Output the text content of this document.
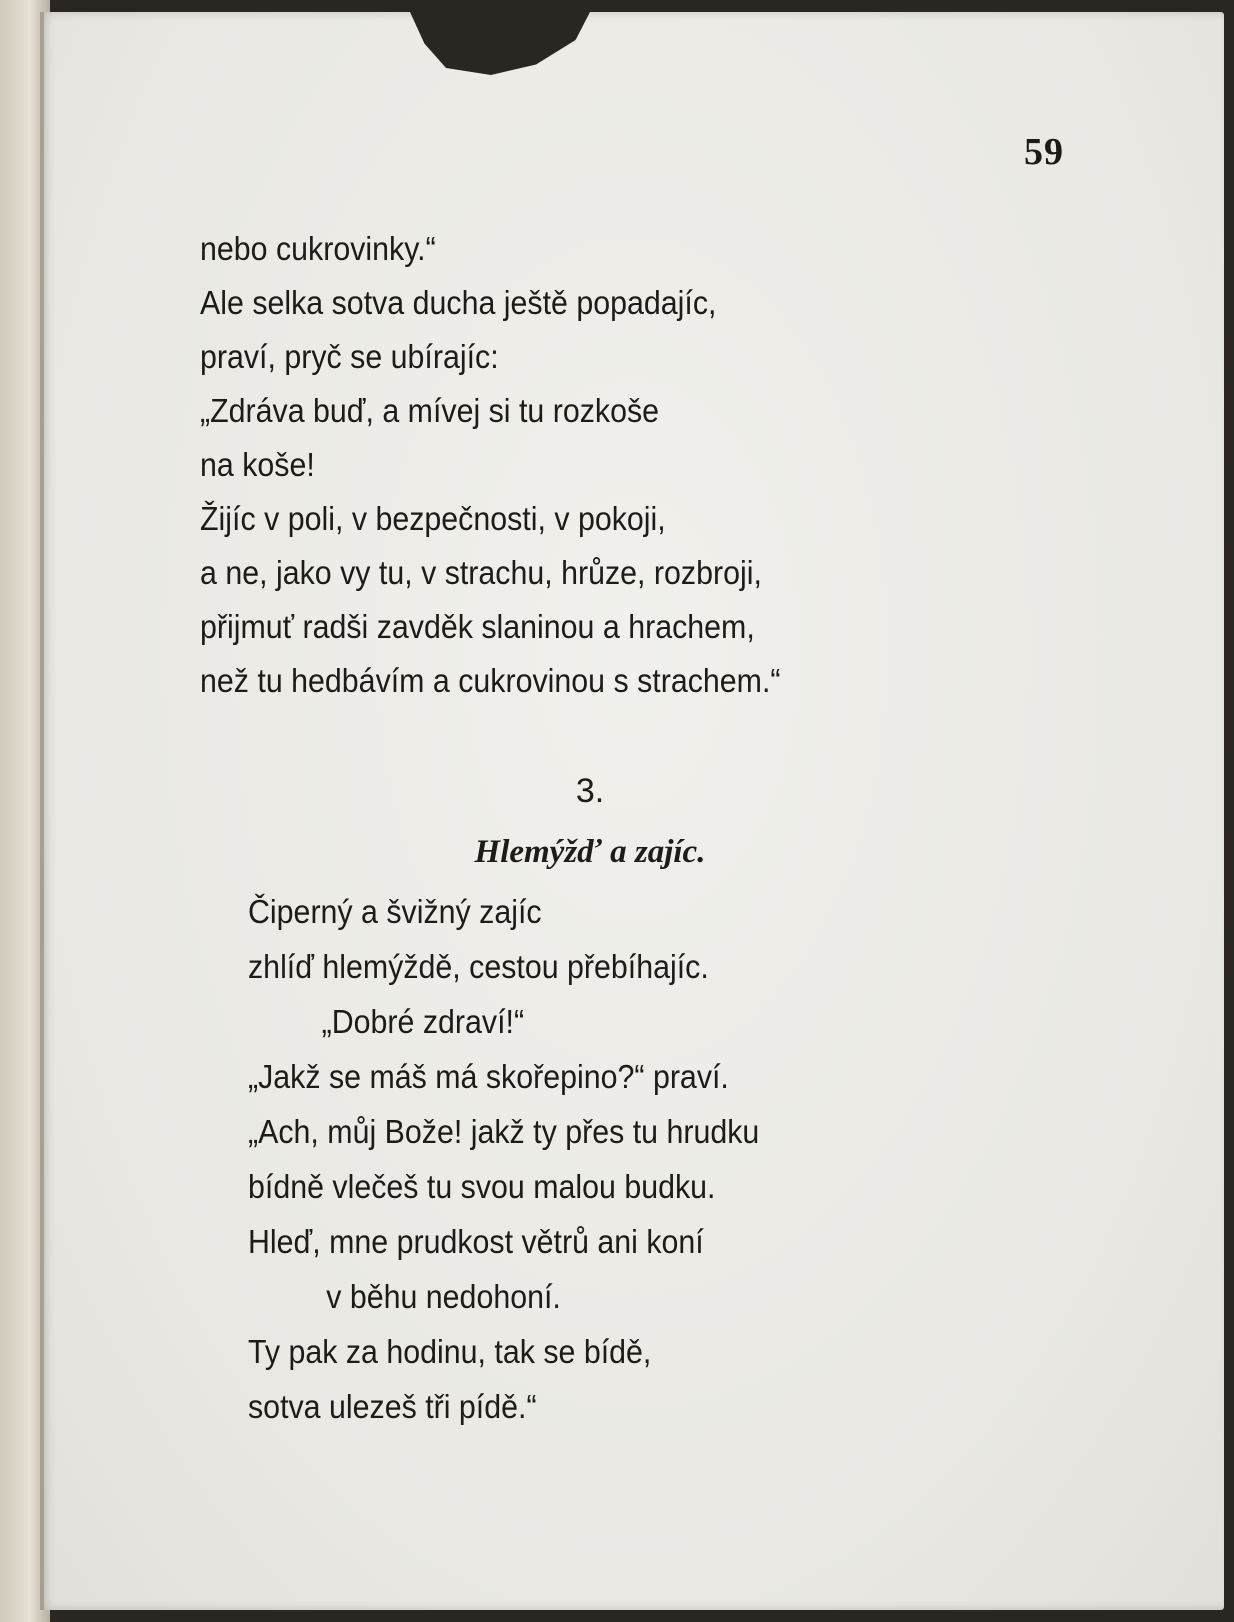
59
nebo cukrovinky.“
Ale selka sotva ducha ještě popadajíc,
praví, pryč se ubírajíc:
„Zdráva buď, a mívej si tu rozkoše
na koše!
Žijíc v poli, v bezpečnosti, v pokoji,
a ne, jako vy tu, v strachu, hrůze, rozbroji,
přijmuť radši zavděk slaninou a hrachem,
než tu hedbávím a cukrovinou s strachem.“
3.
Hlemýžď a zajíc.
Čiperný a švižný zajíc
zhlíď hlemýždě, cestou přebíhajíc.
„Dobré zdraví!“
„Jakž se máš má skořepino?“ praví.
„Ach, můj Bože! jakž ty přes tu hrudku
bídně vlečeš tu svou malou budku.
Hleď, mne prudkost větrů ani koní
v běhu nedohoní.
Ty pak za hodinu, tak se bídě,
sotva ulezeš tři pídě.“
